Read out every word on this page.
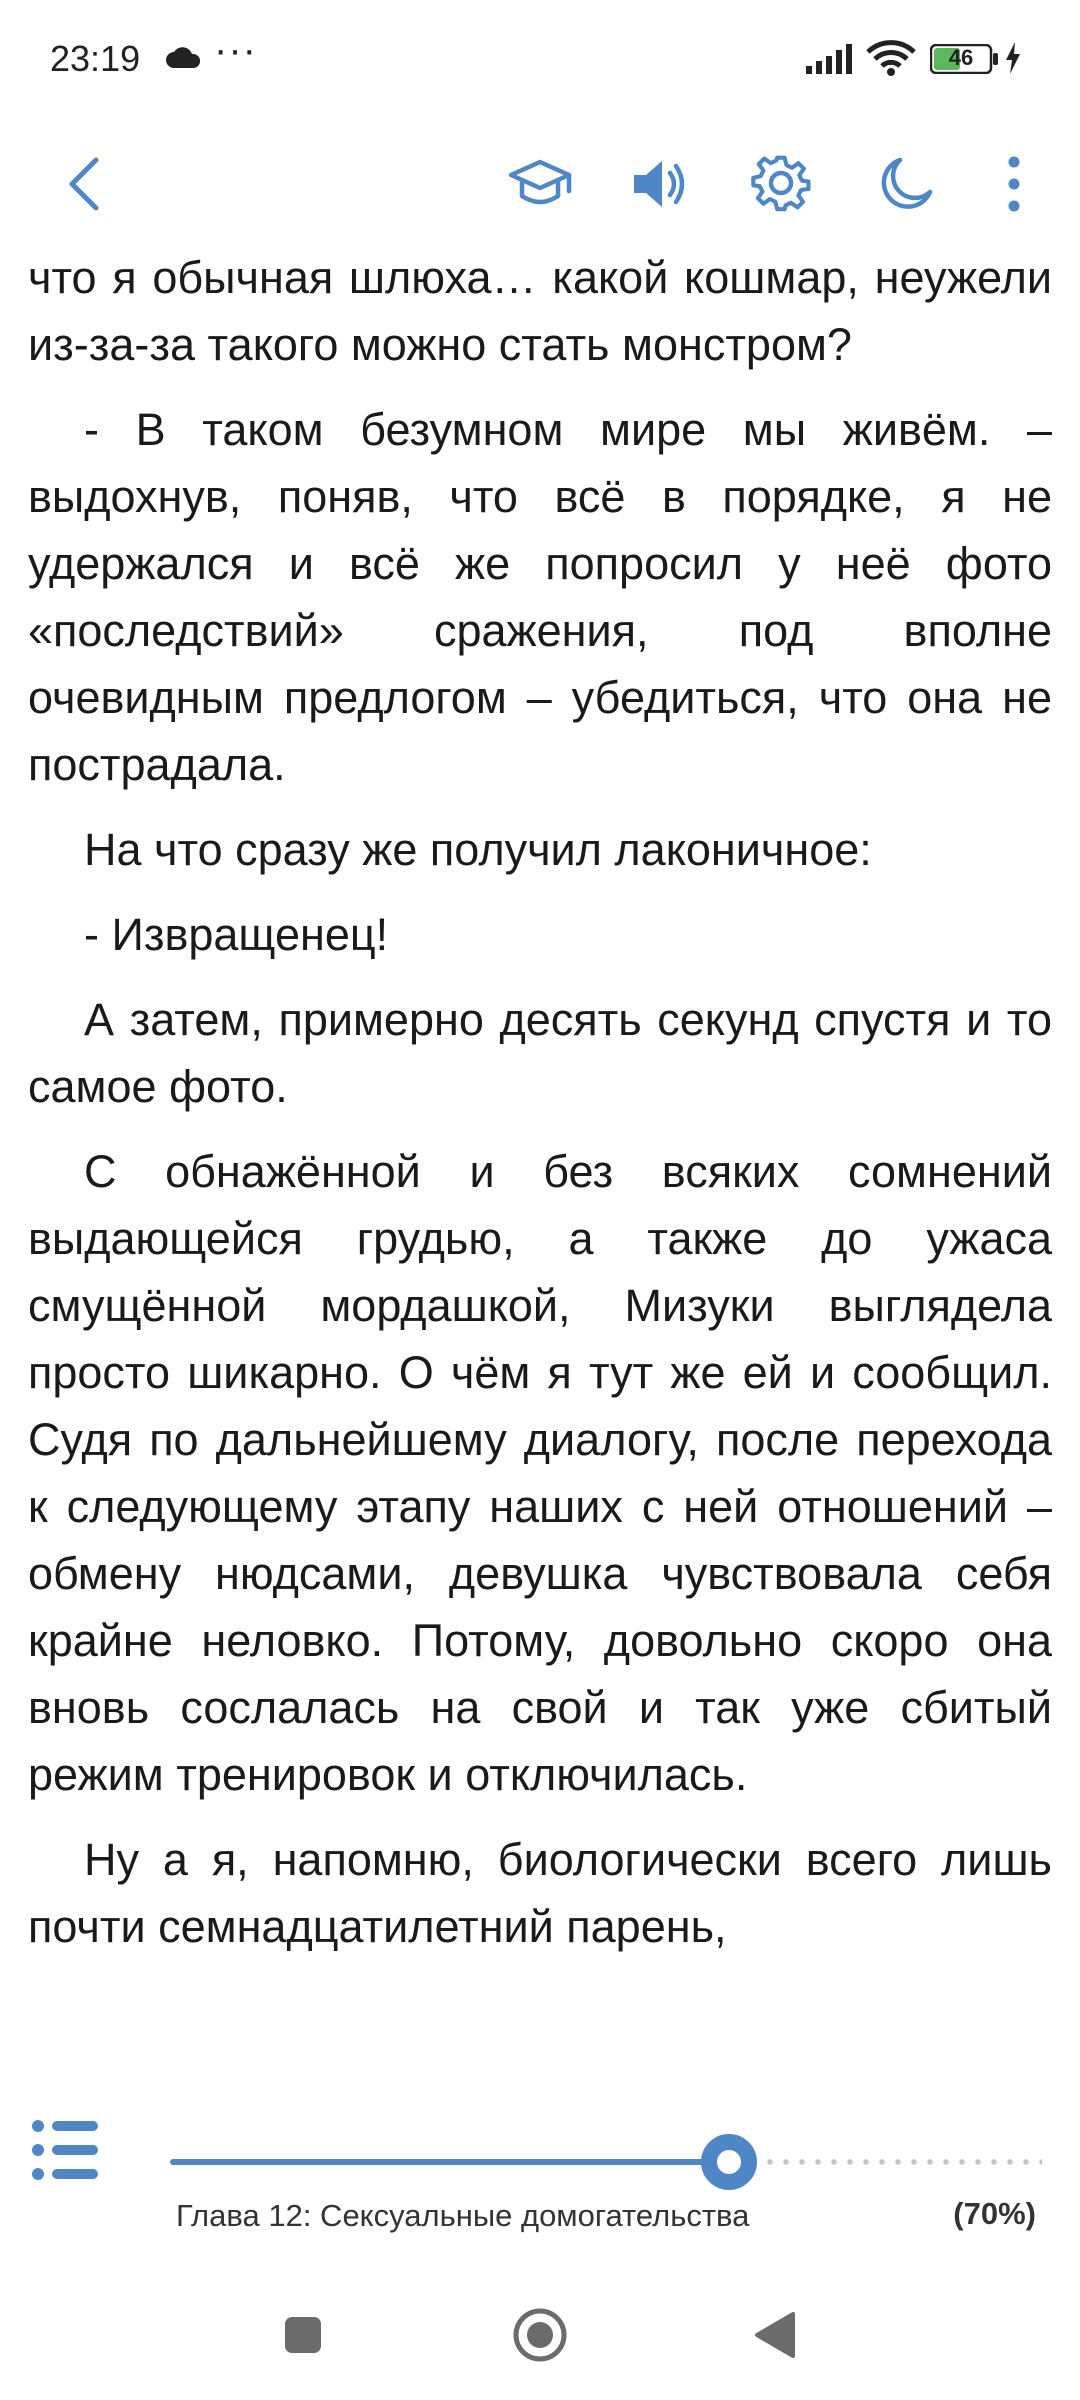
23:19 ···	46

что я обычная шлюха… какой кошмар, неужели из-за-за такого можно стать монстром?

- В таком безумном мире мы живём. – выдохнув, поняв, что всё в порядке, я не удержался и всё же попросил у неё фото «последствий» сражения, под вполне очевидным предлогом – убедиться, что она не пострадала.

На что сразу же получил лаконичное:

- Извращенец!

А затем, примерно десять секунд спустя и то самое фото.

С обнажённой и без всяких сомнений выдающейся грудью, а также до ужаса смущённой мордашкой, Мизуки выглядела просто шикарно. О чём я тут же ей и сообщил. Судя по дальнейшему диалогу, после перехода к следующему этапу наших с ней отношений – обмену нюдсами, девушка чувствовала себя крайне неловко. Потому, довольно скоро она вновь сослалась на свой и так уже сбитый режим тренировок и отключилась.

Ну а я, напомню, биологически всего лишь почти семнадцатилетний парень,

Глава 12: Сексуальные домогательства	(70%)
